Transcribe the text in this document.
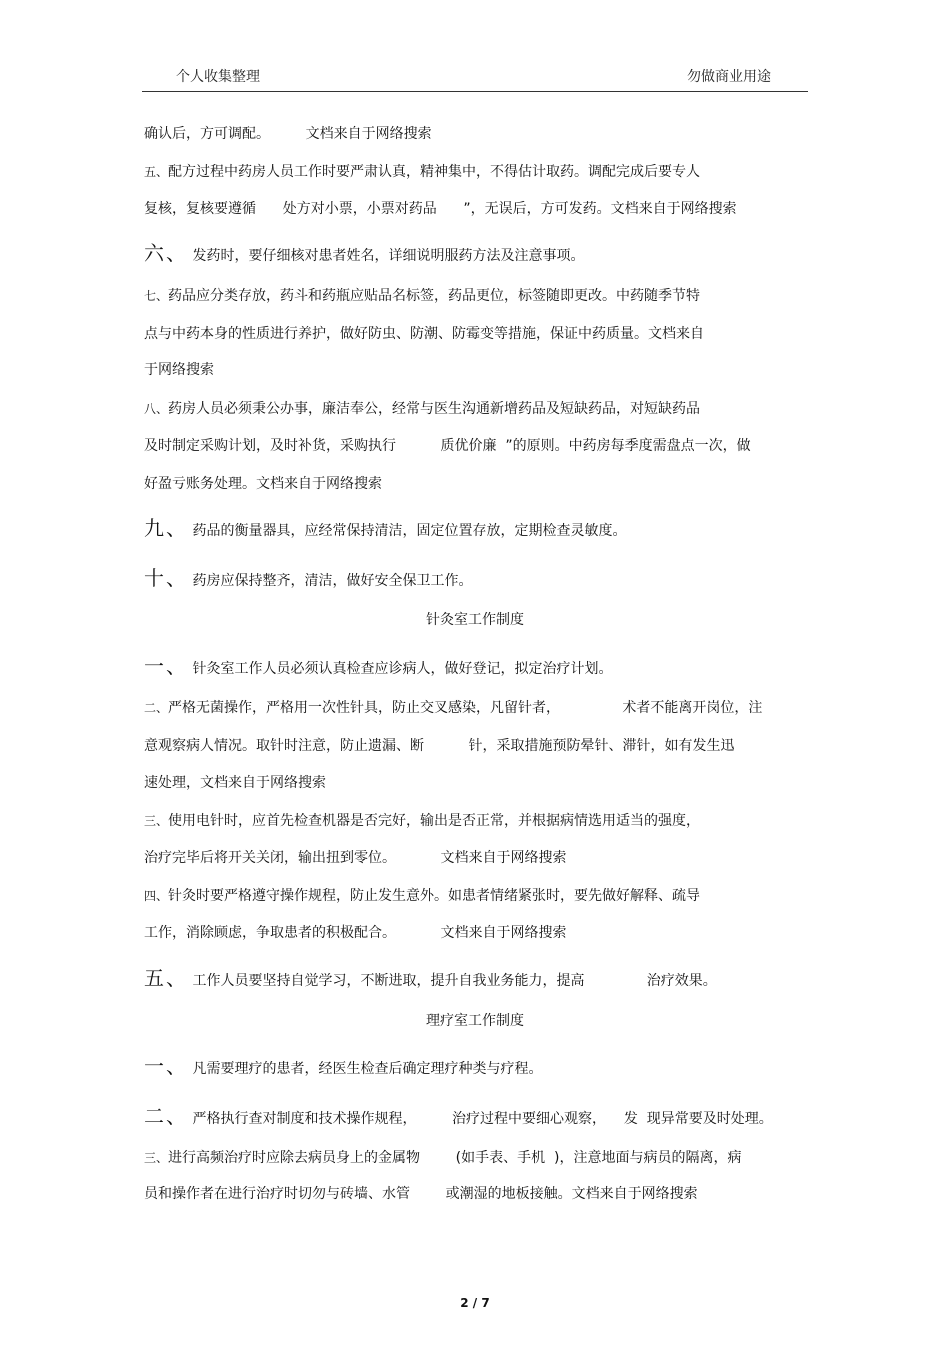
个人收集整理	勿做商业用途
确认后，方可调配。        文档来自于网络搜索
五、配方过程中药房人员工作时要严肃认真，精神集中，不得估计取药。调配完成后要专人
复核，复核要遵循      处方对小票，小票对药品      ”，无误后，方可发药。文档来自于网络搜索
六、 发药时，要仔细核对患者姓名，详细说明服药方法及注意事项。
七、药品应分类存放，药斗和药瓶应贴品名标签，药品更位，标签随即更改。中药随季节特
点与中药本身的性质进行养护，做好防虫、防潮、防霉变等措施，保证中药质量。文档来自
于网络搜索
八、药房人员必须秉公办事，廉洁奉公，经常与医生沟通新增药品及短缺药品，对短缺药品
及时制定采购计划，及时补货，采购执行          质优价廉  ”的原则。中药房每季度需盘点一次，做
好盈亏账务处理。文档来自于网络搜索
九、 药品的衡量器具，应经常保持清洁，固定位置存放，定期检查灵敏度。
十、 药房应保持整齐，清洁，做好安全保卫工作。
针灸室工作制度
一、 针灸室工作人员必须认真检查应诊病人，做好登记，拟定治疗计划。
二、严格无菌操作，严格用一次性针具，防止交叉感染，凡留针者，              术者不能离开岗位，注
意观察病人情况。取针时注意，防止遗漏、断          针，采取措施预防晕针、滞针，如有发生迅
速处理，文档来自于网络搜索
三、使用电针时，应首先检查机器是否完好，输出是否正常，并根据病情选用适当的强度，
治疗完毕后将开关关闭，输出扭到零位。          文档来自于网络搜索
四、针灸时要严格遵守操作规程，防止发生意外。如患者情绪紧张时，要先做好解释、疏导
工作，消除顾虑，争取患者的积极配合。          文档来自于网络搜索
五、 工作人员要坚持自觉学习，不断进取，提升自我业务能力，提高              治疗效果。
理疗室工作制度
一、 凡需要理疗的患者，经医生检查后确定理疗种类与疗程。
二、 严格执行查对制度和技术操作规程，        治疗过程中要细心观察，    发  现异常要及时处理。
三、进行高频治疗时应除去病员身上的金属物        (如手表、手机  )，注意地面与病员的隔离，病
员和操作者在进行治疗时切勿与砖墙、水管        或潮湿的地板接触。文档来自于网络搜索
2 / 7
